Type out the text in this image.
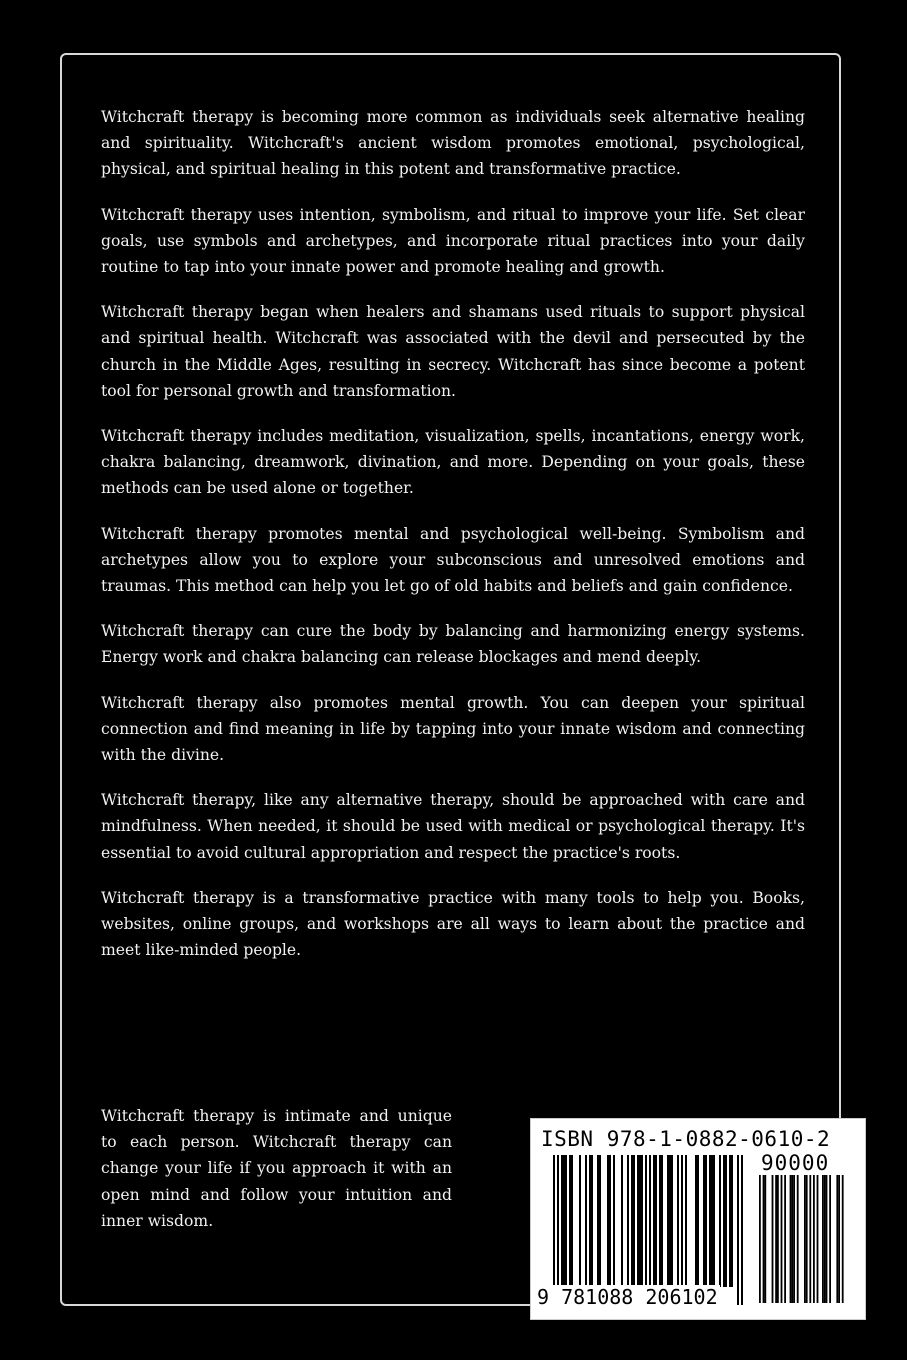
Witchcraft therapy is becoming more common as individuals seek alternative healing and spirituality. Witchcraft's ancient wisdom promotes emotional, psychological, physical, and spiritual healing in this potent and transformative practice.

Witchcraft therapy uses intention, symbolism, and ritual to improve your life. Set clear goals, use symbols and archetypes, and incorporate ritual practices into your daily routine to tap into your innate power and promote healing and growth.

Witchcraft therapy began when healers and shamans used rituals to support physical and spiritual health. Witchcraft was associated with the devil and persecuted by the church in the Middle Ages, resulting in secrecy. Witchcraft has since become a potent tool for personal growth and transformation.

Witchcraft therapy includes meditation, visualization, spells, incantations, energy work, chakra balancing, dreamwork, divination, and more. Depending on your goals, these methods can be used alone or together.

Witchcraft therapy promotes mental and psychological well-being. Symbolism and archetypes allow you to explore your subconscious and unresolved emotions and traumas. This method can help you let go of old habits and beliefs and gain confidence.

Witchcraft therapy can cure the body by balancing and harmonizing energy systems. Energy work and chakra balancing can release blockages and mend deeply.

Witchcraft therapy also promotes mental growth. You can deepen your spiritual connection and find meaning in life by tapping into your innate wisdom and connecting with the divine.

Witchcraft therapy, like any alternative therapy, should be approached with care and mindfulness. When needed, it should be used with medical or psychological therapy. It's essential to avoid cultural appropriation and respect the practice's roots.

Witchcraft therapy is a transformative practice with many tools to help you. Books, websites, online groups, and workshops are all ways to learn about the practice and meet like-minded people.

Witchcraft therapy is intimate and unique to each person. Witchcraft therapy can change your life if you approach it with an open mind and follow your intuition and inner wisdom.

ISBN 978-1-0882-0610-2
90000
9 781088 206102
